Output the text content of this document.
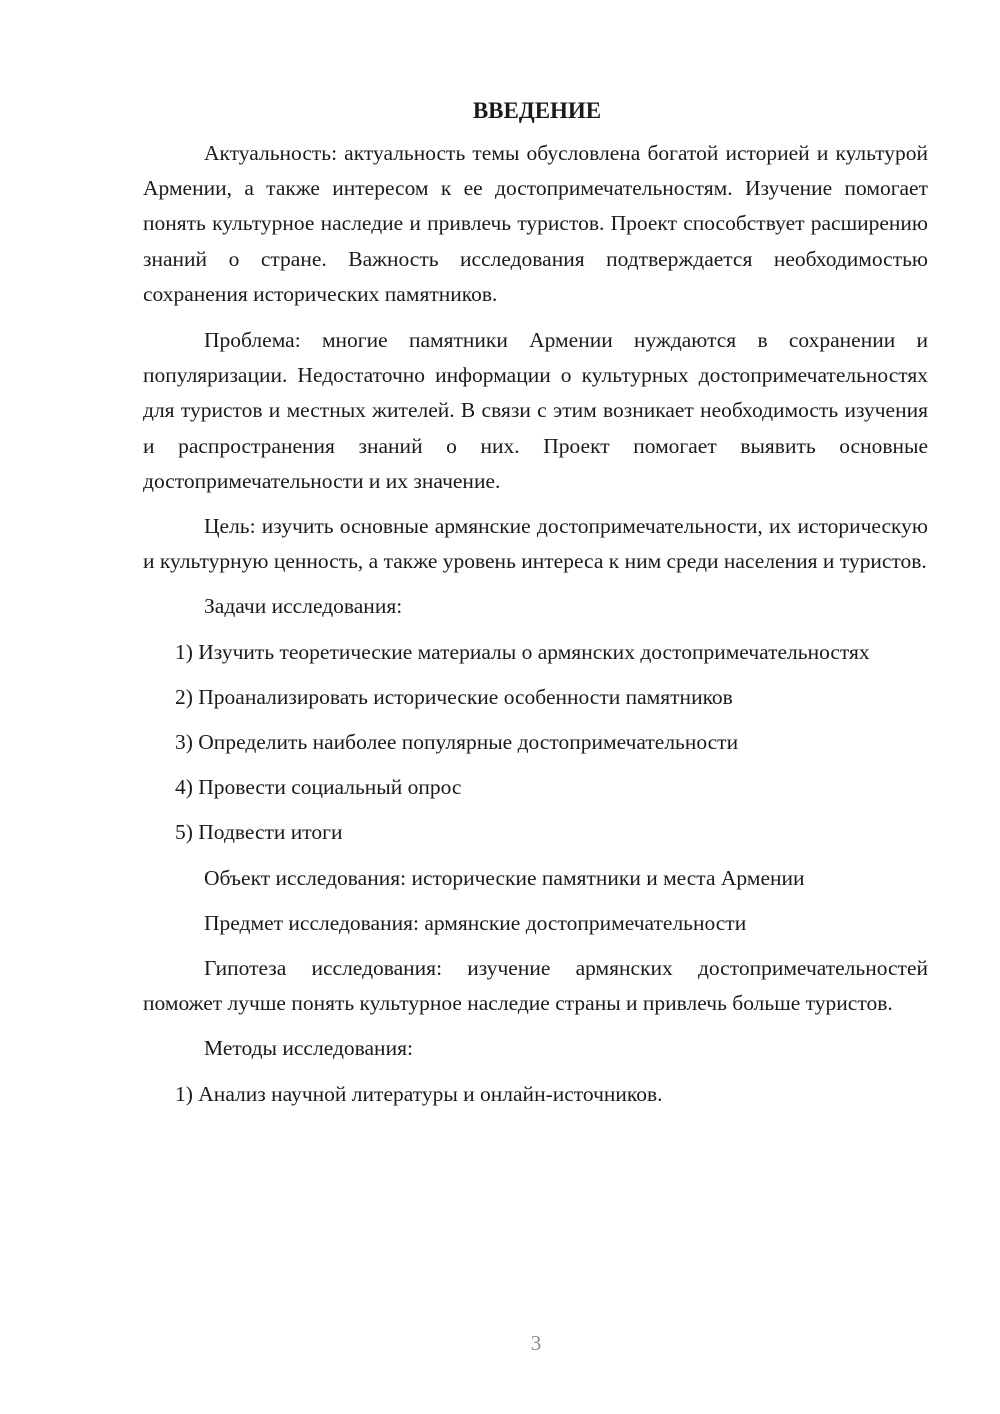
ВВЕДЕНИЕ

Актуальность: актуальность темы обусловлена богатой историей и культурой Армении, а также интересом к ее достопримечательностям. Изучение помогает понять культурное наследие и привлечь туристов. Проект способствует расширению знаний о стране. Важность исследования подтверждается необходимостью сохранения исторических памятников.

Проблема: многие памятники Армении нуждаются в сохранении и популяризации. Недостаточно информации о культурных достопримечательностях для туристов и местных жителей. В связи с этим возникает необходимость изучения и распространения знаний о них. Проект помогает выявить основные достопримечательности и их значение.

Цель: изучить основные армянские достопримечательности, их историческую и культурную ценность, а также уровень интереса к ним среди населения и туристов.

Задачи исследования:

1) Изучить теоретические материалы о армянских достопримечательностях

2) Проанализировать исторические особенности памятников
3) Определить наиболее популярные достопримечательности
4) Провести социальный опрос
5) Подвести итоги
Объект исследования: исторические памятники и места Армении
Предмет исследования: армянские достопримечательности

Гипотеза исследования: изучение армянских достопримечательностей поможет лучше понять культурное наследие страны и привлечь больше туристов.

Методы исследования:
1) Анализ научной литературы и онлайн-источников.
3
